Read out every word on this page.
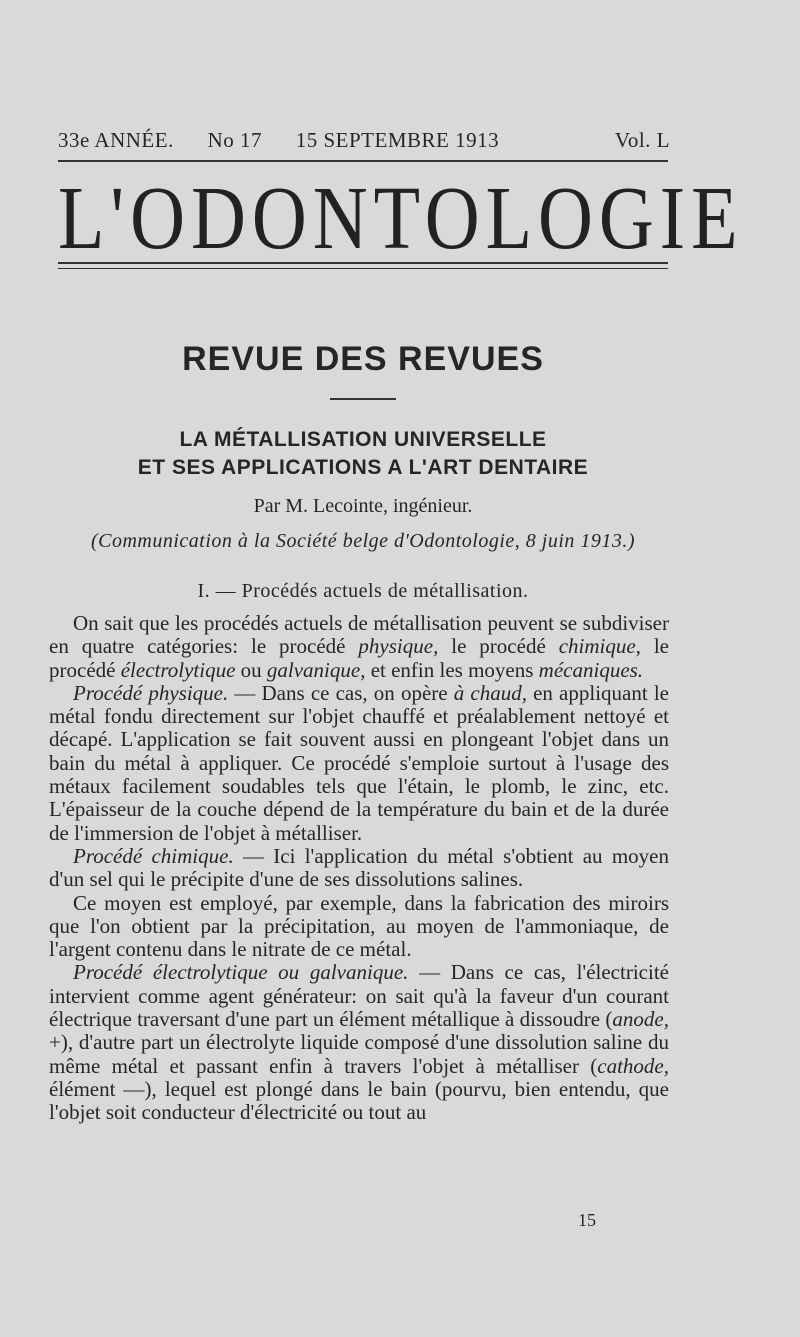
33e ANNÉE. No 17 15 SEPTEMBRE 1913	Vol. L
L'ODONTOLOGIE
REVUE DES REVUES
LA MÉTALLISATION UNIVERSELLE
ET SES APPLICATIONS A L'ART DENTAIRE
Par M. Lecointe, ingénieur.
(Communication à la Société belge d'Odontologie, 8 juin 1913.)
I. — Procédés actuels de métallisation.

On sait que les procédés actuels de métallisation peuvent se subdiviser en quatre catégories: le procédé physique, le procédé chimique, le procédé électrolytique ou galvanique, et enfin les moyens mécaniques.

Procédé physique. — Dans ce cas, on opère à chaud, en appliquant le métal fondu directement sur l'objet chauffé et préalablement nettoyé et décapé. L'application se fait souvent aussi en plongeant l'objet dans un bain du métal à appliquer. Ce procédé s'emploie surtout à l'usage des métaux facilement soudables tels que l'étain, le plomb, le zinc, etc. L'épaisseur de la couche dépend de la température du bain et de la durée de l'immersion de l'objet à métalliser.

Procédé chimique. — Ici l'application du métal s'obtient au moyen d'un sel qui le précipite d'une de ses dissolutions salines.

Ce moyen est employé, par exemple, dans la fabrication des miroirs que l'on obtient par la précipitation, au moyen de l'ammoniaque, de l'argent contenu dans le nitrate de ce métal.

Procédé électrolytique ou galvanique. — Dans ce cas, l'électricité intervient comme agent générateur: on sait qu'à la faveur d'un courant électrique traversant d'une part un élément métallique à dissoudre (anode, +), d'autre part un électrolyte liquide composé d'une dissolution saline du même métal et passant enfin à travers l'objet à métalliser (cathode, élément —), lequel est plongé dans le bain (pourvu, bien entendu, que l'objet soit conducteur d'électricité ou tout au

15
